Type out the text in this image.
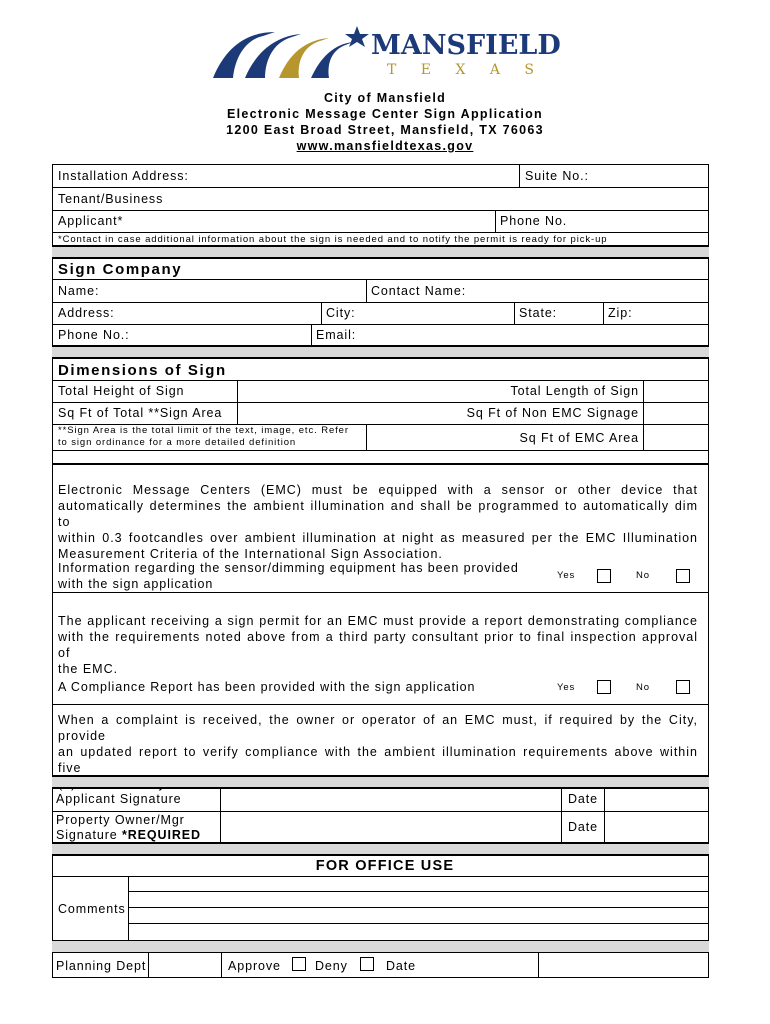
MANSFIELD
T E X A S
City of Mansfield
Electronic Message Center Sign Application
1200 East Broad Street, Mansfield, TX 76063
www.mansfieldtexas.gov
Installation Address:	Suite No.:
Tenant/Business
Applicant*	Phone No.
*Contact in case additional information about the sign is needed and to notify the permit is ready for pick-up
Sign Company
Name:	Contact Name:
Address:	City:	State:	Zip:
Phone No.:	Email:
Dimensions of Sign
Total Height of Sign	Total Length of Sign
Sq Ft of Total **Sign Area	Sq Ft of Non EMC Signage
**Sign Area is the total limit of the text, image, etc. Refer
to sign ordinance for a more detailed definition	Sq Ft of EMC Area
Electronic Message Centers (EMC) must be equipped with a sensor or other device that
automatically determines the ambient illumination and shall be programmed to automatically dim to
within 0.3 footcandles over ambient illumination at night as measured per the EMC Illumination
Measurement Criteria of the International Sign Association.
Information regarding the sensor/dimming equipment has been provided
with the sign application
Yes	No
The applicant receiving a sign permit for an EMC must provide a report demonstrating compliance
with the requirements noted above from a third party consultant prior to final inspection approval of
the EMC.
A Compliance Report has been provided with the sign application	Yes	No
When a complaint is received, the owner or operator of an EMC must, if required by the City, provide
an updated report to verify compliance with the ambient illumination requirements above within five
Applicant Signature	Date
Property Owner/Mgr
Signature *REQUIRED
Date
FOR OFFICE USE
Comments
Planning Dept	Approve	Deny	Date
